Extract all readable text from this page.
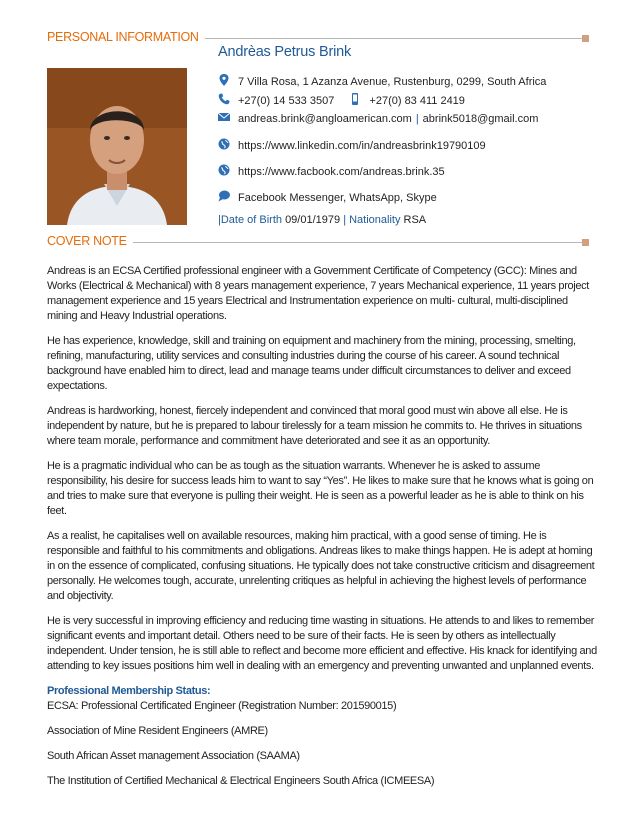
PERSONAL INFORMATION
Andrèas Petrus Brink
7 Villa Rosa, 1 Azanza Avenue, Rustenburg, 0299, South Africa
+27(0) 14 533 3507	+27(0) 83 411 2419
andreas.brink@angloamerican.com | abrink5018@gmail.com
https://www.linkedin.com/in/andreasbrink19790109
https://www.facbook.com/andreas.brink.35
Facebook Messenger, WhatsApp, Skype
|Date of Birth 09/01/1979 | Nationality RSA
COVER NOTE

Andreas is an ECSA Certified professional engineer with a Government Certificate of Competency (GCC): Mines and Works (Electrical & Mechanical) with 8 years management experience, 7 years Mechanical experience, 11 years project management experience and 15 years Electrical and Instrumentation experience on multi- cultural, multi-disciplined mining and Heavy Industrial operations.

He has experience, knowledge, skill and training on equipment and machinery from the mining, processing, smelting, refining, manufacturing, utility services and consulting industries during the course of his career. A sound technical background have enabled him to direct, lead and manage teams under difficult circumstances to deliver and exceed expectations.

Andreas is hardworking, honest, fiercely independent and convinced that moral good must win above all else. He is independent by nature, but he is prepared to labour tirelessly for a team mission he commits to. He thrives in situations where team morale, performance and commitment have deteriorated and see it as an opportunity.

He is a pragmatic individual who can be as tough as the situation warrants. Whenever he is asked to assume responsibility, his desire for success leads him to want to say “Yes”. He likes to make sure that he knows what is going on and tries to make sure that everyone is pulling their weight. He is seen as a powerful leader as he is able to think on his feet.

As a realist, he capitalises well on available resources, making him practical, with a good sense of timing. He is responsible and faithful to his commitments and obligations. Andreas likes to make things happen. He is adept at homing in on the essence of complicated, confusing situations. He typically does not take constructive criticism and disagreement personally. He welcomes tough, accurate, unrelenting critiques as helpful in achieving the highest levels of performance and objectivity.

He is very successful in improving efficiency and reducing time wasting in situations. He attends to and likes to remember significant events and important detail. Others need to be sure of their facts. He is seen by others as intellectually independent. Under tension, he is still able to reflect and become more efficient and effective. His knack for identifying and attending to key issues positions him well in dealing with an emergency and preventing unwanted and unplanned events.

Professional Membership Status:

ECSA: Professional Certificated Engineer (Registration Number: 201590015)

Association of Mine Resident Engineers (AMRE)

South African Asset management Association (SAAMA)

The Institution of Certified Mechanical & Electrical Engineers South Africa (ICMEESA)
